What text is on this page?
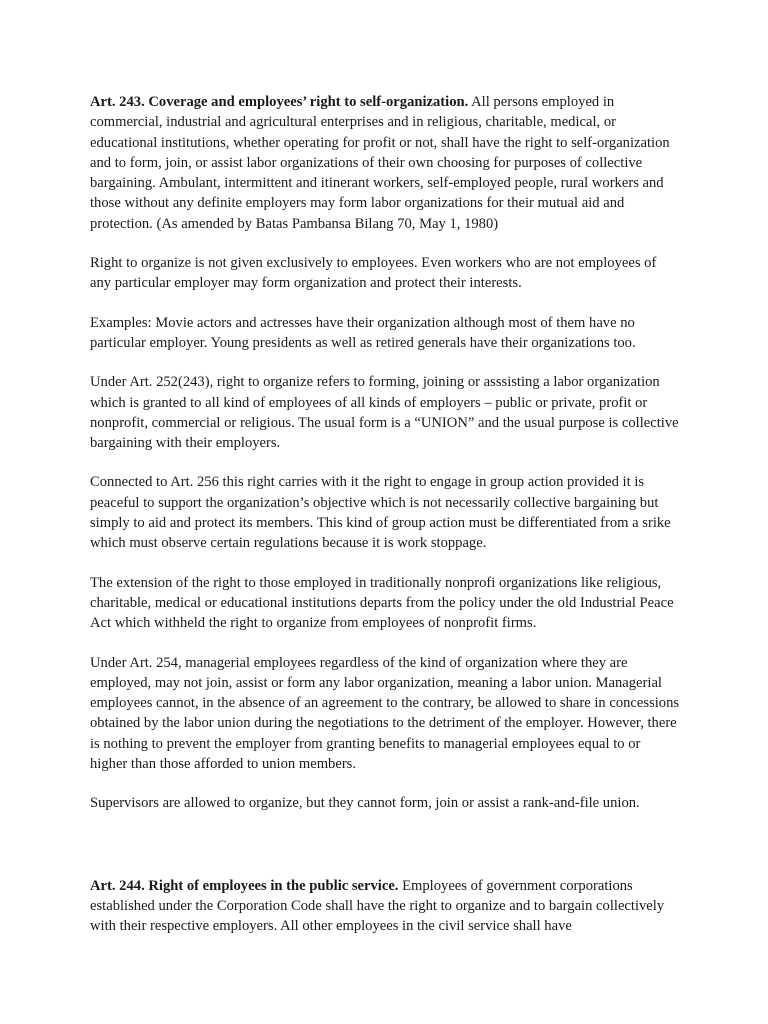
Art. 243. Coverage and employees’ right to self-organization. All persons employed in commercial, industrial and agricultural enterprises and in religious, charitable, medical, or educational institutions, whether operating for profit or not, shall have the right to self-organization and to form, join, or assist labor organizations of their own choosing for purposes of collective bargaining. Ambulant, intermittent and itinerant workers, self-employed people, rural workers and those without any definite employers may form labor organizations for their mutual aid and protection. (As amended by Batas Pambansa Bilang 70, May 1, 1980)

Right to organize is not given exclusively to employees. Even workers who are not employees of any particular employer may form organization and protect their interests.

Examples: Movie actors and actresses have their organization although most of them have no particular employer. Young presidents as well as retired generals have their organizations too.

Under Art. 252(243), right to organize refers to forming, joining or asssisting a labor organization which is granted to all kind of employees of all kinds of employers – public or private, profit or nonprofit, commercial or religious. The usual form is a “UNION” and the usual purpose is collective bargaining with their employers.

Connected to Art. 256 this right carries with it the right to engage in group action provided it is peaceful to support the organization’s objective which is not necessarily collective bargaining but simply to aid and protect its members. This kind of group action must be differentiated from a srike which must observe certain regulations because it is work stoppage.

The extension of the right to those employed in traditionally nonprofi organizations like religious, charitable, medical or educational institutions departs from the policy under the old Industrial Peace Act which withheld the right to organize from employees of nonprofit firms.

Under Art. 254, managerial employees regardless of the kind of organization where they are employed, may not join, assist or form any labor organization, meaning a labor union. Managerial employees cannot, in the absence of an agreement to the contrary, be allowed to share in concessions obtained by the labor union during the negotiations to the detriment of the employer. However, there is nothing to prevent the employer from granting benefits to managerial employees equal to or higher than those afforded to union members.

Supervisors are allowed to organize, but they cannot form, join or assist a rank-and-file union.

Art. 244. Right of employees in the public service. Employees of government corporations established under the Corporation Code shall have the right to organize and to bargain collectively with their respective employers. All other employees in the civil service shall have
